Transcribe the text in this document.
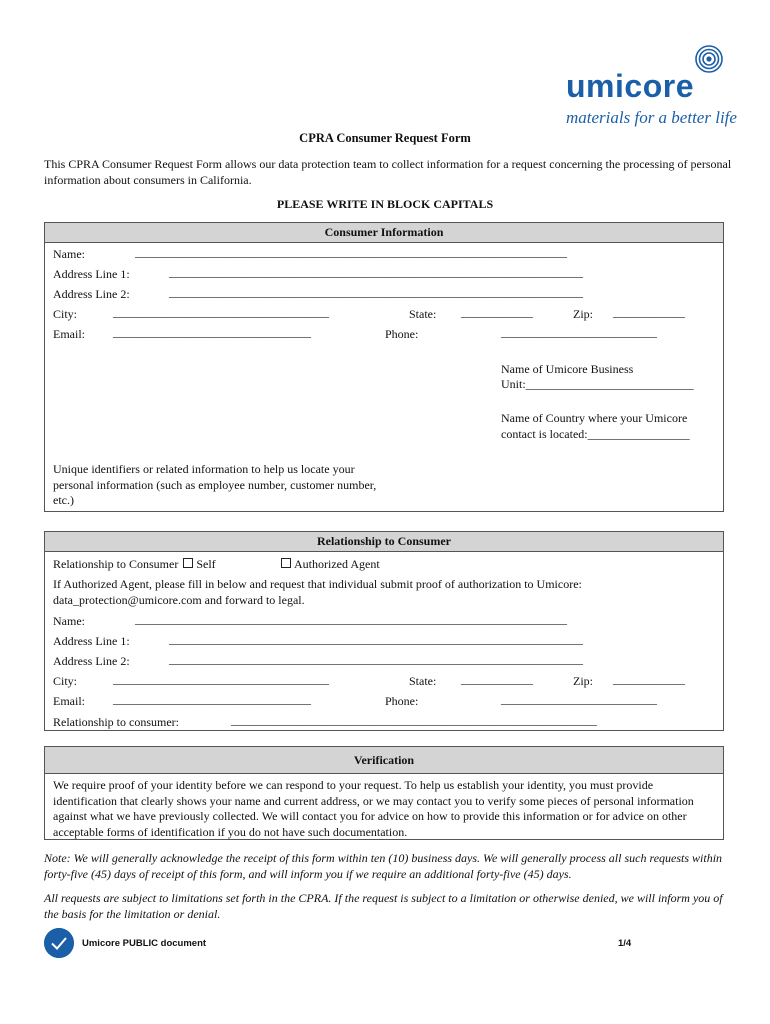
umicore
materials for a better life
CPRA Consumer Request Form
This CPRA Consumer Request Form allows our data protection team to collect information for a request concerning the processing of personal information about consumers in California.
PLEASE WRITE IN BLOCK CAPITALS
Consumer Information
Name:	________________________________________________________________________
Address Line 1:	_____________________________________________________________________
Address Line 2:	_____________________________________________________________________
City:	____________________________________	State: ____________	Zip: ____________
Email: _________________________________	Phone:	__________________________
Name of Umicore Business
Unit:____________________________
Name of Country where your Umicore
contact is located:_________________
Unique identifiers or related information to help us locate your personal information (such as employee number, customer number, etc.)
Relationship to Consumer
Relationship to Consumer Self	Authorized Agent
If Authorized Agent, please fill in below and request that individual submit proof of authorization to Umicore: data_protection@umicore.com and forward to legal.
Name:	________________________________________________________________________
Address Line 1:	_____________________________________________________________________
Address Line 2:	_____________________________________________________________________
City:	____________________________________	State: ____________	Zip: ____________
Email: _________________________________	Phone:	__________________________
Relationship to consumer:	_____________________________________________________________
Verification
We require proof of your identity before we can respond to your request. To help us establish your identity, you must provide identification that clearly shows your name and current address, or we may contact you to verify some pieces of personal information against what we have previously collected. We will contact you for advice on how to provide this information or for advice on other acceptable forms of identification if you do not have such documentation.
Note: We will generally acknowledge the receipt of this form within ten (10) business days. We will generally process all such requests within forty-five (45) days of receipt of this form, and will inform you if we require an additional forty-five (45) days.
All requests are subject to limitations set forth in the CPRA. If the request is subject to a limitation or otherwise denied, we will inform you of the basis for the limitation or denial.
Umicore PUBLIC document	1/4
